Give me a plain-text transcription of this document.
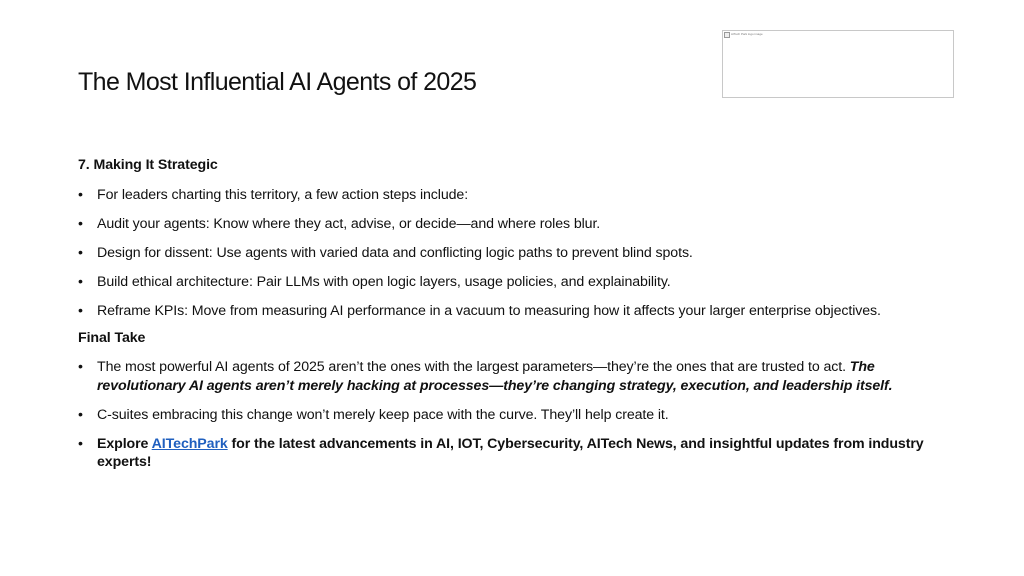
The Most Influential AI Agents of 2025
AITech Park logo image
7. Making It Strategic
• For leaders charting this territory, a few action steps include:
• Audit your agents: Know where they act, advise, or decide—and where roles blur.
• Design for dissent: Use agents with varied data and conflicting logic paths to prevent blind spots.
• Build ethical architecture: Pair LLMs with open logic layers, usage policies, and explainability.
• Reframe KPIs: Move from measuring AI performance in a vacuum to measuring how it affects your larger enterprise objectives.
Final Take
• The most powerful AI agents of 2025 aren’t the ones with the largest parameters—they’re the ones that are trusted to act. The revolutionary AI agents aren’t merely hacking at processes—they’re changing strategy, execution, and leadership itself.
• C-suites embracing this change won’t merely keep pace with the curve. They’ll help create it.
• Explore AITechPark for the latest advancements in AI, IOT, Cybersecurity, AITech News, and insightful updates from industry experts!
